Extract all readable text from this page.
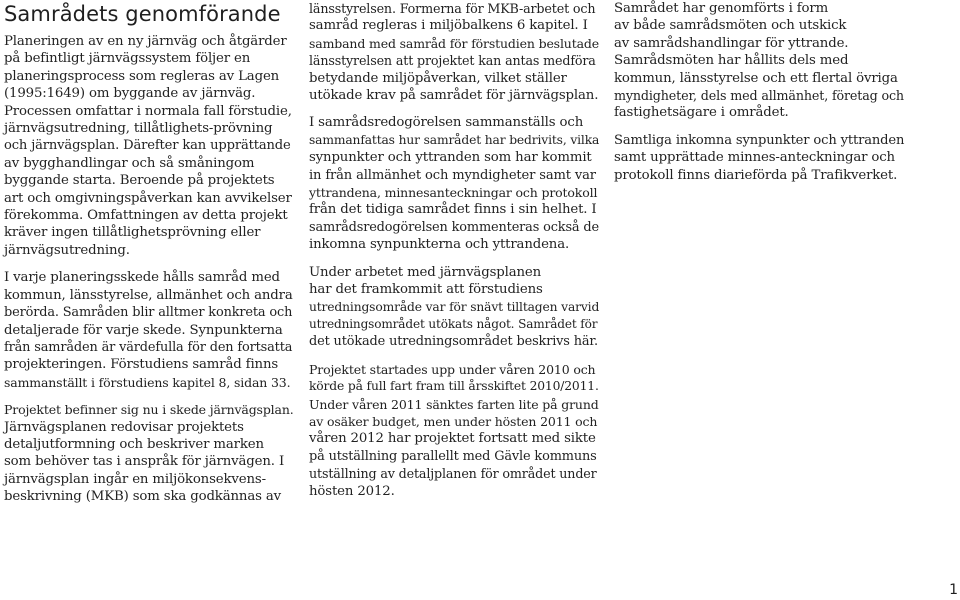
Samrådets genomförande

Planeringen av en ny järnväg och åtgärder
på befintligt järnvägssystem följer en
planeringsprocess som regleras av Lagen
(1995:1649) om byggande av järnväg.
Processen omfattar i normala fall förstudie,
järnvägsutredning, tillåtlighets-prövning
och järnvägsplan. Därefter kan upprättande
av bygghandlingar och så småningom
byggande starta. Beroende på projektets
art och omgivningspåverkan kan avvikelser
förekomma. Omfattningen av detta projekt
kräver ingen tillåtlighetsprövning eller
järnvägsutredning.

I varje planeringsskede hålls samråd med
kommun, länsstyrelse, allmänhet och andra
berörda. Samråden blir alltmer konkreta och
detaljerade för varje skede. Synpunkterna
från samråden är värdefulla för den fortsatta
projekteringen. Förstudiens samråd finns
sammanställt i förstudiens kapitel 8, sidan 33.

Projektet befinner sig nu i skede järnvägsplan.
Järnvägsplanen redovisar projektets
detaljutformning och beskriver marken
som behöver tas i anspråk för järnvägen. I
järnvägsplan ingår en miljökonsekvens-
beskrivning (MKB) som ska godkännas av

länsstyrelsen. Formerna för MKB-arbetet och
samråd regleras i miljöbalkens 6 kapitel. I
samband med samråd för förstudien beslutade
länsstyrelsen att projektet kan antas medföra
betydande miljöpåverkan, vilket ställer
utökade krav på samrådet för järnvägsplan.

I samrådsredogörelsen sammanställs och
sammanfattas hur samrådet har bedrivits, vilka
synpunkter och yttranden som har kommit
in från allmänhet och myndigheter samt var
yttrandena, minnesanteckningar och protokoll
från det tidiga samrådet finns i sin helhet. I
samrådsredogörelsen kommenteras också de
inkomna synpunkterna och yttrandena.

Under arbetet med järnvägsplanen
har det framkommit att förstudiens
utredningsområde var för snävt tilltagen varvid
utredningsområdet utökats något. Samrådet för
det utökade utredningsområdet beskrivs här.

Projektet startades upp under våren 2010 och
körde på full fart fram till årsskiftet 2010/2011.
Under våren 2011 sänktes farten lite på grund
av osäker budget, men under hösten 2011 och
våren 2012 har projektet fortsatt med sikte
på utställning parallellt med Gävle kommuns
utställning av detaljplanen för området under
hösten 2012.

Samrådet har genomförts i form
av både samrådsmöten och utskick
av samrådshandlingar för yttrande.
Samrådsmöten har hållits dels med
kommun, länsstyrelse och ett flertal övriga
myndigheter, dels med allmänhet, företag och
fastighetsägare i området.

Samtliga inkomna synpunkter och yttranden
samt upprättade minnes-anteckningar och
protokoll finns diarieförda på Trafikverket.

1
